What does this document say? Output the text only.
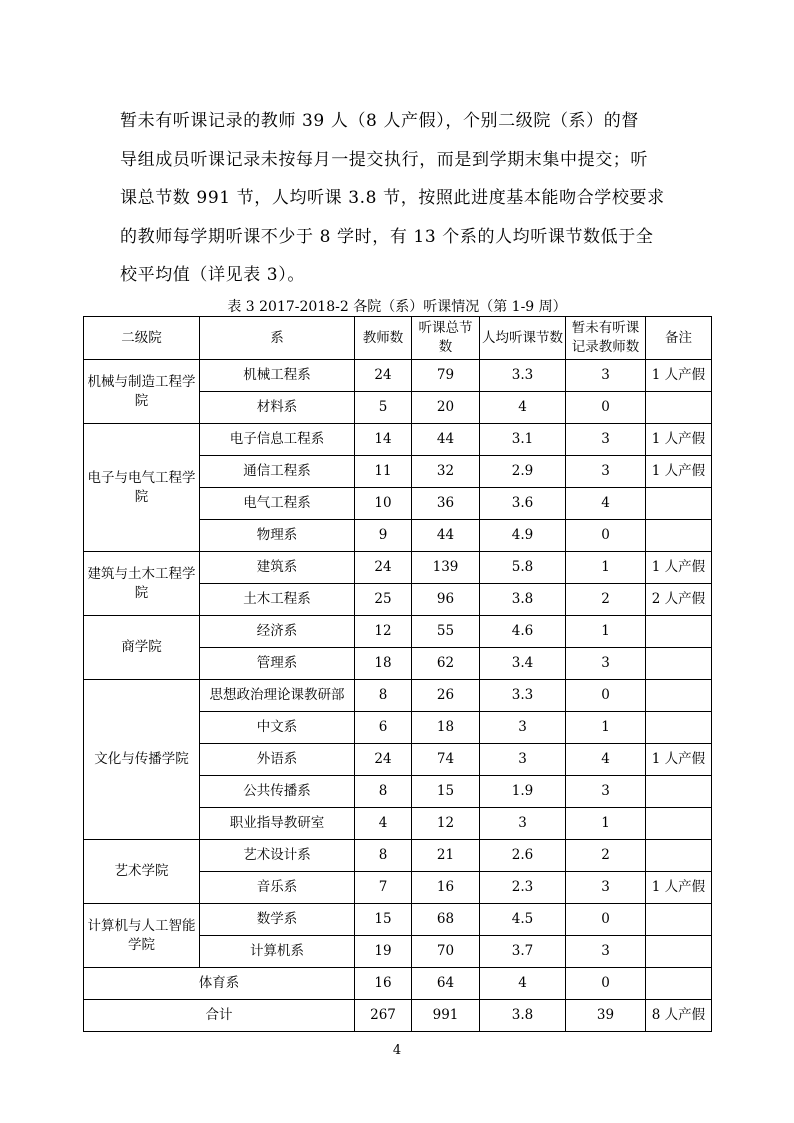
暂未有听课记录的教师 39 人（8 人产假），个别二级院（系）的督

导组成员听课记录未按每月一提交执行，而是到学期末集中提交；听

课总节数 991 节，人均听课 3.8 节，按照此进度基本能吻合学校要求

的教师每学期听课不少于 8 学时，有 13 个系的人均听课节数低于全

校平均值（详见表 3）。

表 3 2017-2018-2 各院（系）听课情况（第 1-9 周）
二级院	系	教师数	听课总节数	人均听课节数	暂未有听课记录教师数	备注
机械与制造工程学院	机械工程系	24	79	3.3	3	1 人产假
	材料系	5	20	4	0	
电子与电气工程学院	电子信息工程系	14	44	3.1	3	1 人产假
	通信工程系	11	32	2.9	3	1 人产假
	电气工程系	10	36	3.6	4	
	物理系	9	44	4.9	0	
建筑与土木工程学院	建筑系	24	139	5.8	1	1 人产假
	土木工程系	25	96	3.8	2	2 人产假
商学院	经济系	12	55	4.6	1	
	管理系	18	62	3.4	3	
文化与传播学院	思想政治理论课教研部	8	26	3.3	0	
	中文系	6	18	3	1	
	外语系	24	74	3	4	1 人产假
	公共传播系	8	15	1.9	3	
	职业指导教研室	4	12	3	1	
艺术学院	艺术设计系	8	21	2.6	2	
	音乐系	7	16	2.3	3	1 人产假
计算机与人工智能学院	数学系	15	68	4.5	0	
	计算机系	19	70	3.7	3	
体育系		16	64	4	0	
合计		267	991	3.8	39	8 人产假
4
